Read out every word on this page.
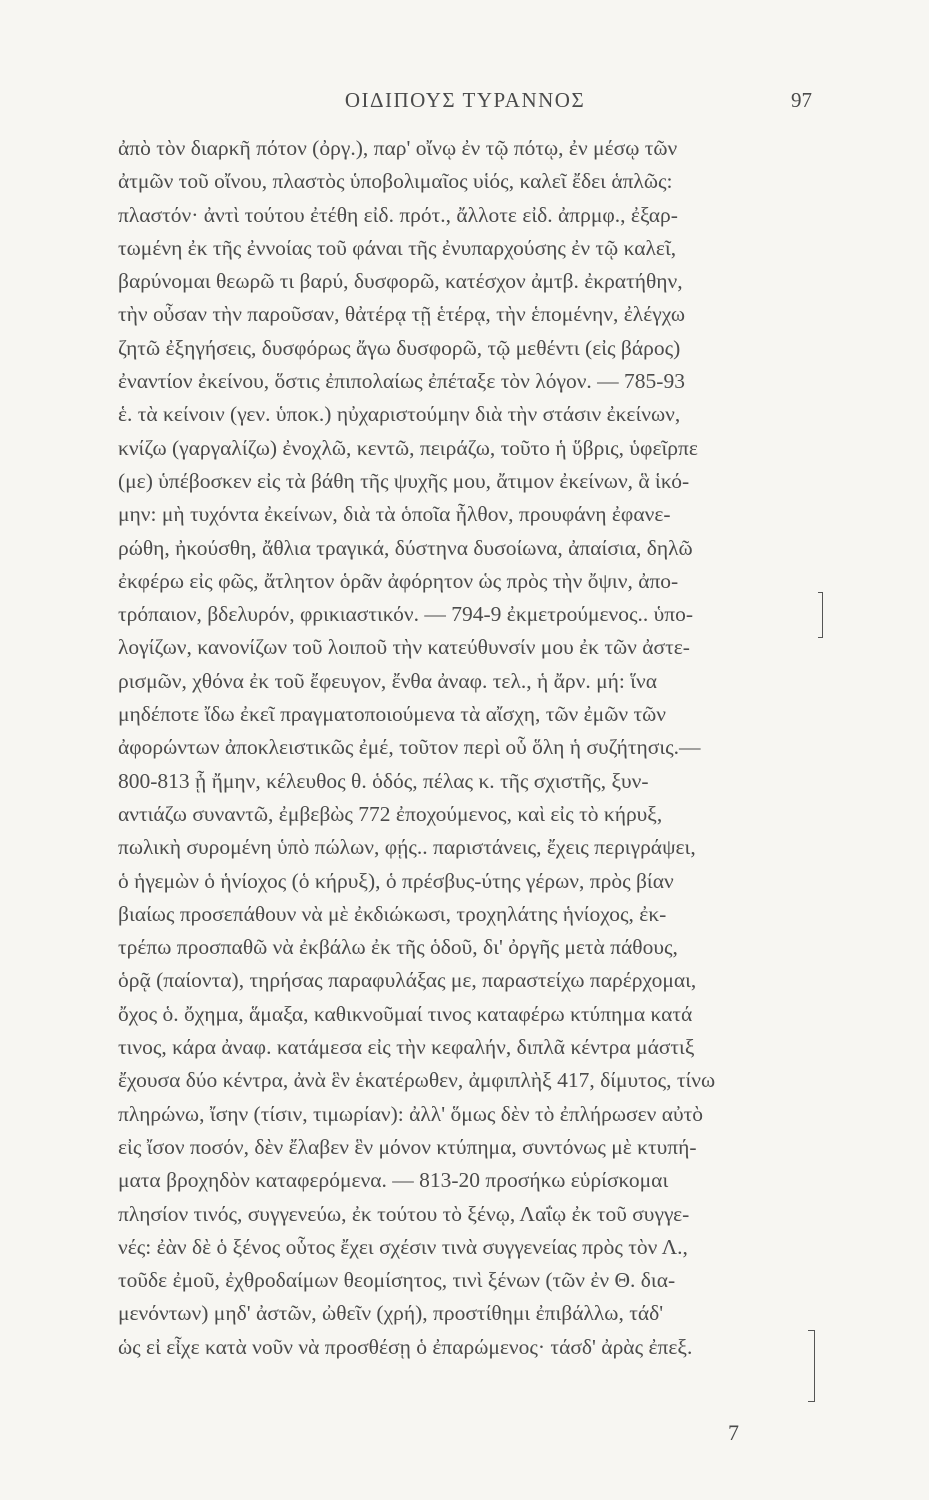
ΟΙΔΙΠΟΥΣ ΤΥΡΑΝΝΟΣ	97
ἀπὸ τὸν διαρκῆ πότον (ὀργ.), παρ' οἴνῳ ἐν τῷ πότῳ, ἐν μέσῳ τῶν
ἀτμῶν τοῦ οἴνου, πλαστὸς ὑποβολιμαῖος υἱός, καλεῖ ἔδει ἁπλῶς:
πλαστόν· ἀντὶ τούτου ἐτέθη εἰδ. πρότ., ἄλλοτε εἰδ. ἀπρμφ., ἐξαρ-
τωμένη ἐκ τῆς ἐννοίας τοῦ φάναι τῆς ἐνυπαρχούσης ἐν τῷ καλεῖ,
βαρύνομαι θεωρῶ τι βαρύ, δυσφορῶ, κατέσχον ἀμτβ. ἐκρατήθην,
τὴν οὖσαν τὴν παροῦσαν, θἀτέρᾳ τῇ ἑτέρᾳ, τὴν ἑπομένην, ἐλέγχω
ζητῶ ἐξηγήσεις, δυσφόρως ἄγω δυσφορῶ, τῷ μεθέντι (εἰς βάρος)
ἐναντίον ἐκείνου, ὅστις ἐπιπολαίως ἐπέταξε τὸν λόγον. — 785-93
ἑ. τὰ κείνοιν (γεν. ὑποκ.) ηὐχαριστούμην διὰ τὴν στάσιν ἐκείνων,
κνίζω (γαργαλίζω) ἐνοχλῶ, κεντῶ, πειράζω, τοῦτο ἡ ὕβρις, ὑφεῖρπε
(με) ὑπέβοσκεν εἰς τὰ βάθη τῆς ψυχῆς μου, ἄτιμον ἐκείνων, ἃ ἱκό-
μην: μὴ τυχόντα ἐκείνων, διὰ τὰ ὁποῖα ἦλθον, προυφάνη ἐφανε-
ρώθη, ἠκούσθη, ἄθλια τραγικά, δύστηνα δυσοίωνα, ἀπαίσια, δηλῶ
ἐκφέρω εἰς φῶς, ἄτλητον ὁρᾶν ἀφόρητον ὡς πρὸς τὴν ὄψιν, ἀπο-
τρόπαιον, βδελυρόν, φρικιαστικόν. — 794-9 ἐκμετρούμενος.. ὑπο-
λογίζων, κανονίζων τοῦ λοιποῦ τὴν κατεύθυνσίν μου ἐκ τῶν ἀστε-
ρισμῶν, χθόνα ἐκ τοῦ ἔφευγον, ἔνθα ἀναφ. τελ., ἡ ἄρν. μή: ἵνα
μηδέποτε ἴδω ἐκεῖ πραγματοποιούμενα τὰ αἴσχη, τῶν ἐμῶν τῶν
ἀφορώντων ἀποκλειστικῶς ἐμέ, τοῦτον περὶ οὗ ὅλη ἡ συζήτησις.—
800-813 ᾗ ἤμην, κέλευθος θ. ὁδός, πέλας κ. τῆς σχιστῆς, ξυν-
αντιάζω συναντῶ, ἐμβεβὼς 772 ἐποχούμενος, καὶ εἰς τὸ κήρυξ,
πωλικὴ συρομένη ὑπὸ πώλων, φῄς.. παριστάνεις, ἔχεις περιγράψει,
ὁ ἡγεμὼν ὁ ἡνίοχος (ὁ κήρυξ), ὁ πρέσβυς-ύτης γέρων, πρὸς βίαν
βιαίως προσεπάθουν νὰ μὲ ἐκδιώκωσι, τροχηλάτης ἡνίοχος, ἐκ-
τρέπω προσπαθῶ νὰ ἐκβάλω ἐκ τῆς ὁδοῦ, δι' ὀργῆς μετὰ πάθους,
ὁρᾷ (παίοντα), τηρήσας παραφυλάξας με, παραστείχω παρέρχομαι,
ὄχος ὁ. ὄχημα, ἅμαξα, καθικνοῦμαί τινος καταφέρω κτύπημα κατά
τινος, κάρα ἀναφ. κατάμεσα εἰς τὴν κεφαλήν, διπλᾶ κέντρα μάστιξ
ἔχουσα δύο κέντρα, ἀνὰ ἓν ἑκατέρωθεν, ἀμφιπλὴξ 417, δίμυτος, τίνω
πληρώνω, ἴσην (τίσιν, τιμωρίαν): ἀλλ' ὅμως δὲν τὸ ἐπλήρωσεν αὐτὸ
εἰς ἴσον ποσόν, δὲν ἔλαβεν ἓν μόνον κτύπημα, συντόνως μὲ κτυπή-
ματα βροχηδὸν καταφερόμενα. — 813-20 προσήκω εὑρίσκομαι
πλησίον τινός, συγγενεύω, ἐκ τούτου τὸ ξένῳ, Λαΐῳ ἐκ τοῦ συγγε-
νές: ἐὰν δὲ ὁ ξένος οὗτος ἔχει σχέσιν τινὰ συγγενείας πρὸς τὸν Λ.,
τοῦδε ἐμοῦ, ἐχθροδαίμων θεομίσητος, τινὶ ξένων (τῶν ἐν Θ. δια-
μενόντων) μηδ' ἀστῶν, ὠθεῖν (χρή), προστίθημι ἐπιβάλλω, τάδ'
ὡς εἰ εἶχε κατὰ νοῦν νὰ προσθέσῃ ὁ ἐπαρώμενος· τάσδ' ἀρὰς ἐπεξ.
7
